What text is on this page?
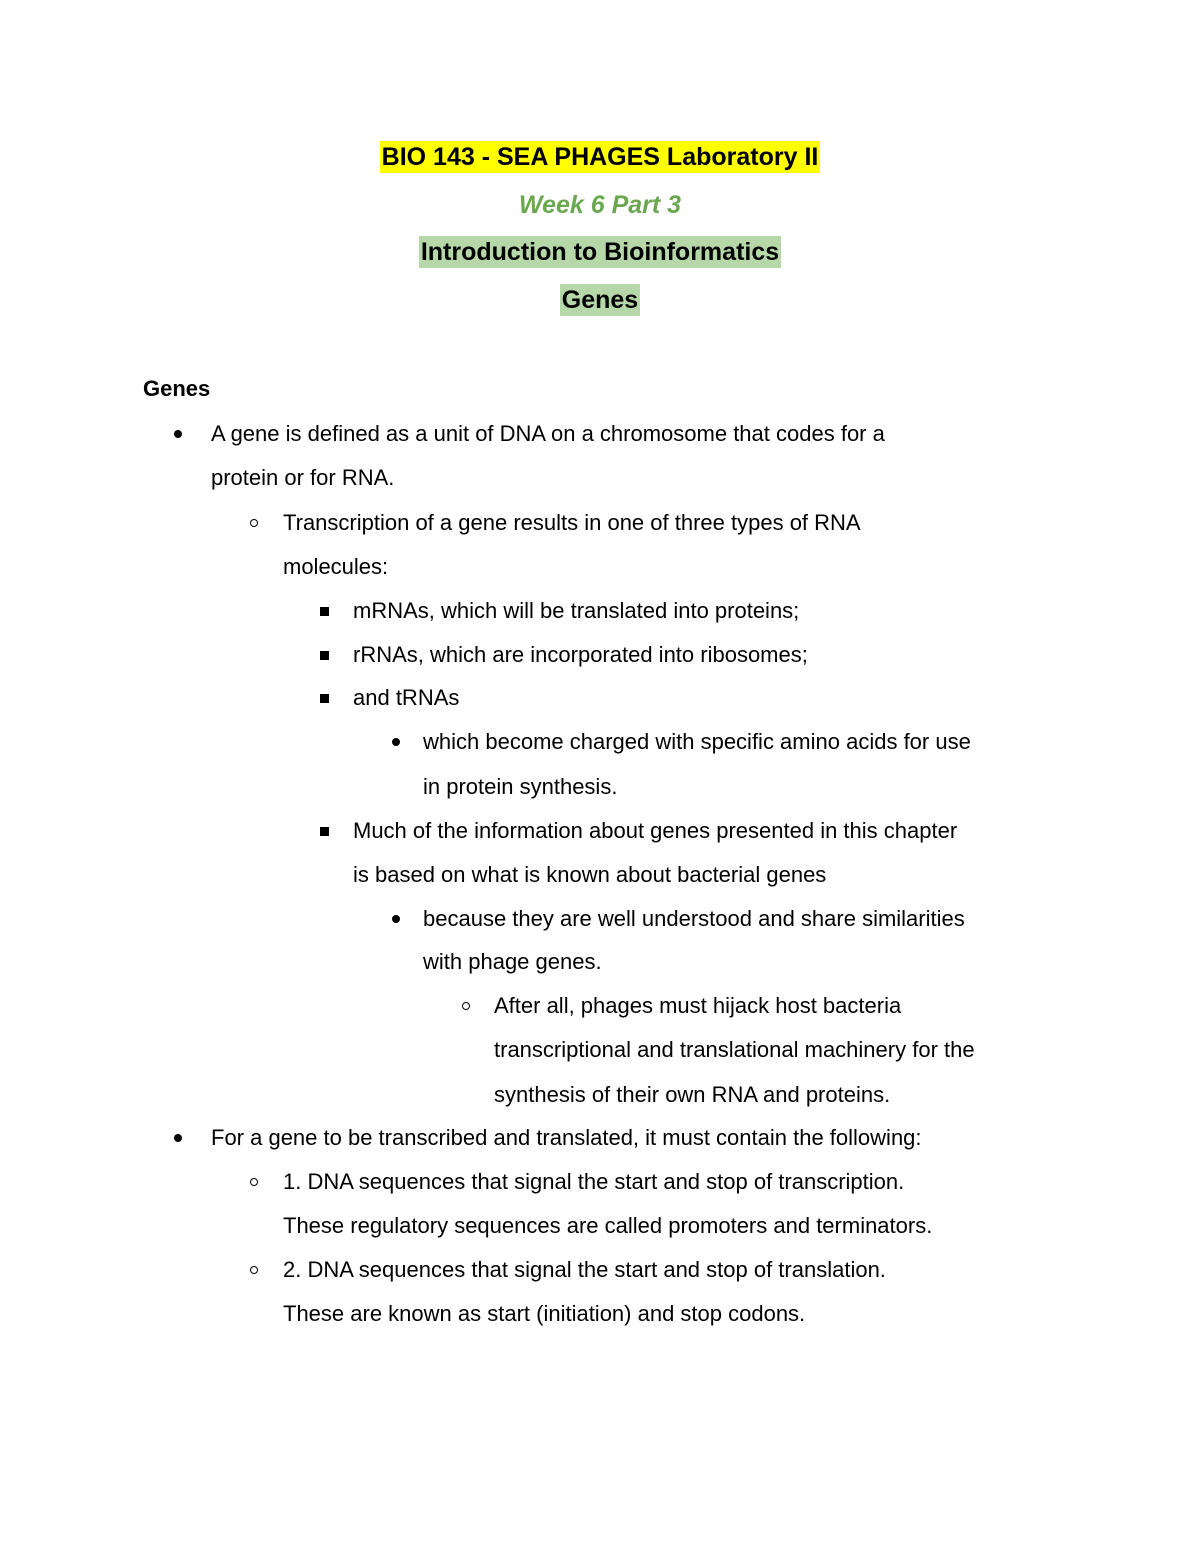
BIO 143 - SEA PHAGES Laboratory II
Week 6 Part 3
Introduction to Bioinformatics
Genes
Genes
A gene is defined as a unit of DNA on a chromosome that codes for a
protein or for RNA.
Transcription of a gene results in one of three types of RNA
molecules:
mRNAs, which will be translated into proteins;
rRNAs, which are incorporated into ribosomes;
and tRNAs
which become charged with specific amino acids for use
in protein synthesis.
Much of the information about genes presented in this chapter
is based on what is known about bacterial genes
because they are well understood and share similarities
with phage genes.
After all, phages must hijack host bacteria
transcriptional and translational machinery for the
synthesis of their own RNA and proteins.
For a gene to be transcribed and translated, it must contain the following:
1. DNA sequences that signal the start and stop of transcription.
These regulatory sequences are called promoters and terminators.
2. DNA sequences that signal the start and stop of translation.
These are known as start (initiation) and stop codons.
